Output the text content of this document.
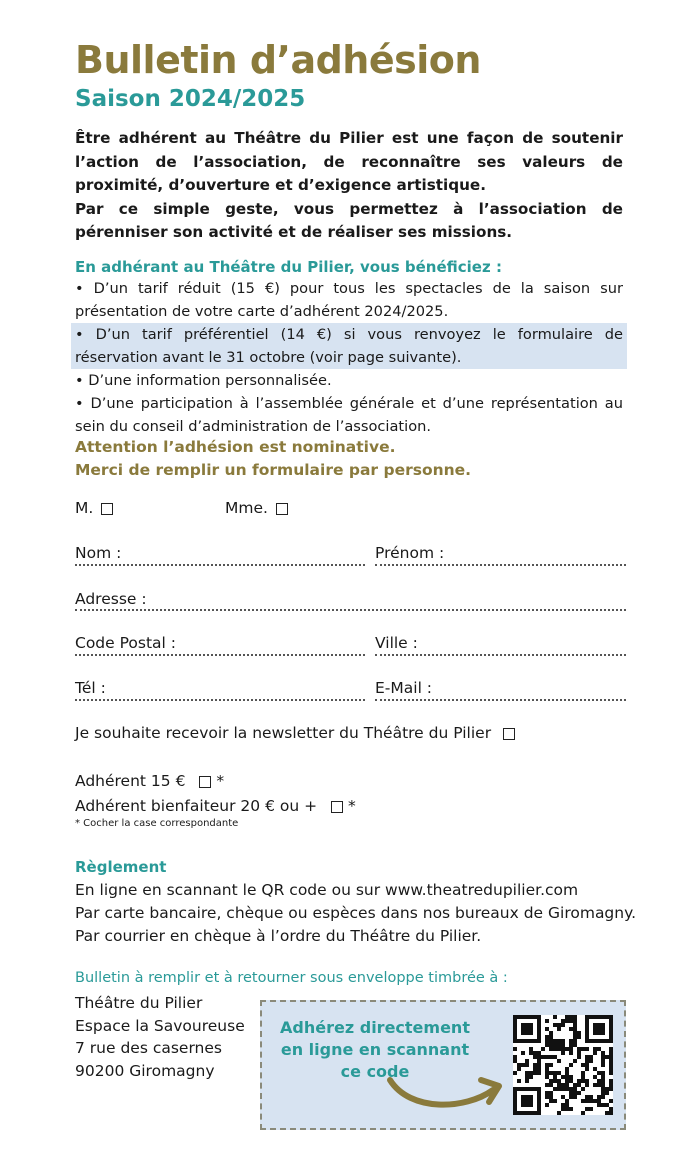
Bulletin d’adhésion
Saison 2024/2025

Être adhérent au Théâtre du Pilier est une façon de soutenir l’action de l’association, de reconnaître ses valeurs de proximité, d’ouverture et d’exigence artistique.

Par ce simple geste, vous permettez à l’association de pérenniser son activité et de réaliser ses missions.

En adhérant au Théâtre du Pilier, vous bénéficiez :

• D’un tarif réduit (15 €) pour tous les spectacles de la saison sur présentation de votre carte d’adhérent 2024/2025.

• D’un tarif préférentiel (14 €) si vous renvoyez le formulaire de réservation avant le 31 octobre (voir page suivante).

• D’une information personnalisée.

• D’une participation à l’assemblée générale et d’une représentation au sein du conseil d’administration de l’association.

Attention l’adhésion est nominative.

Merci de remplir un formulaire par personne.

M.	Mme.
Nom :	Prénom :
Adresse :
Code Postal :	Ville :
Tél :	E-Mail :
Je souhaite recevoir la newsletter du Théâtre du Pilier
Adhérent 15 € *
Adhérent bienfaiteur 20 € ou + *
* Cocher la case correspondante
Règlement

En ligne en scannant le QR code ou sur www.theatredupilier.com

Par carte bancaire, chèque ou espèces dans nos bureaux de Giromagny.

Par courrier en chèque à l’ordre du Théâtre du Pilier.

Bulletin à remplir et à retourner sous enveloppe timbrée à :

Théâtre du Pilier

Espace la Savoureuse

7 rue des casernes

90200 Giromagny

Adhérez directement en ligne en scannant ce code
